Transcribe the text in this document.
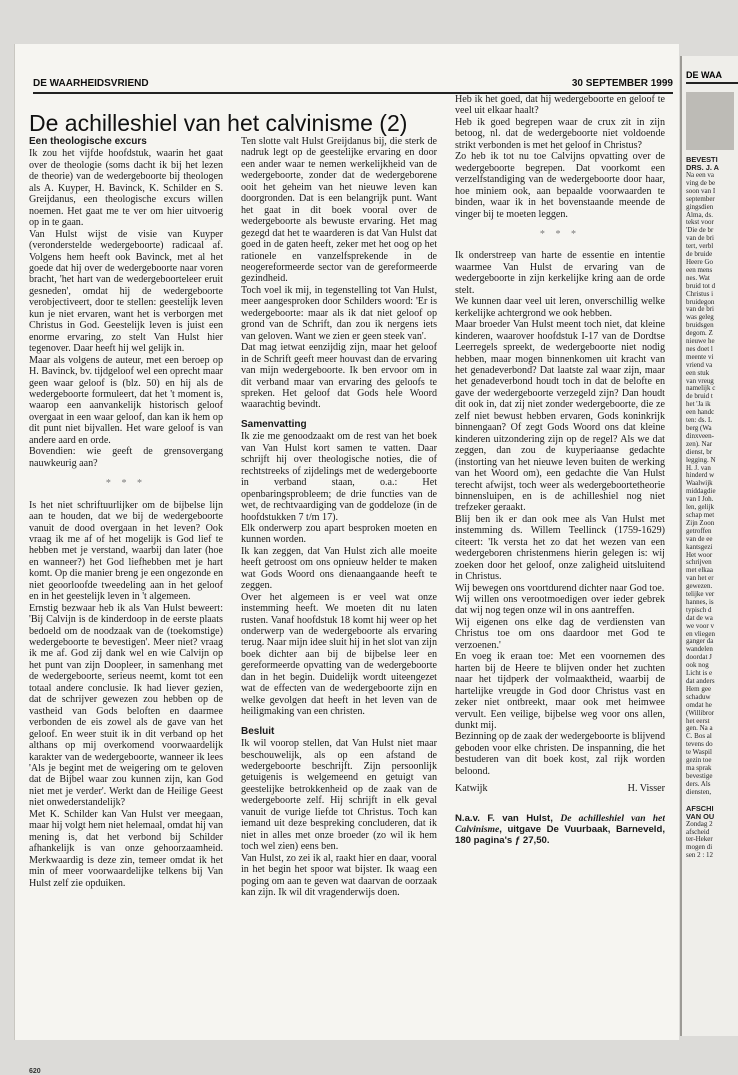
DE WAARHEIDSVRIEND	30 SEPTEMBER 1999
De achilleshiel van het calvinisme (2)

Een theologische excurs

Ik zou het vijfde hoofdstuk, waarin het gaat over de theologie (soms dacht ik bij het lezen de theorie) van de wedergeboorte bij theologen als A. Kuyper, H. Bavinck, K. Schilder en S. Greijdanus, een theologische excurs willen noemen. Het gaat me te ver om hier uitvoerig op in te gaan.

Van Hulst wijst de visie van Kuyper (veronderstelde wedergeboorte) radicaal af. Volgens hem heeft ook Bavinck, met al het goede dat hij over de wedergeboorte naar voren bracht, 'het hart van de wedergeboorteleer eruit gesneden', omdat hij de wedergeboorte verobjectiveert, door te stellen: geestelijk leven kun je niet ervaren, want het is verborgen met Christus in God. Geestelijk leven is juist een enorme ervaring, zo stelt Van Hulst hier tegenover. Daar heeft hij wel gelijk in.

Maar als volgens de auteur, met een beroep op H. Bavinck, bv. tijdgeloof wel een oprecht maar geen waar geloof is (blz. 50) en hij als de wedergeboorte formuleert, dat het 't moment is, waarop een aanvankelijk historisch geloof overgaat in een waar geloof, dan kan ik hem op dit punt niet bijvallen. Het ware geloof is van andere aard en orde.

Bovendien: wie geeft de grensovergang nauwkeurig aan?

* * *

Is het niet schriftuurlijker om de bijbelse lijn aan te houden, dat we bij de wedergeboorte vanuit de dood overgaan in het leven? Ook vraag ik me af of het mogelijk is God lief te hebben met je verstand, waarbij dan later (hoe en wanneer?) het God liefhebben met je hart komt. Op die manier breng je een ongezonde en niet geoorloofde tweedeling aan in het geloof en in het geestelijk leven in 't algemeen.

Ernstig bezwaar heb ik als Van Hulst beweert: 'Bij Calvijn is de kinderdoop in de eerste plaats bedoeld om de noodzaak van de (toekomstige) wedergeboorte te bevestigen'. Meer niet? vraag ik me af. God zij dank wel en wie Calvijn op het punt van zijn Doopleer, in samenhang met de wedergeboorte, serieus neemt, komt tot een totaal andere conclusie. Ik had liever gezien, dat de schrijver gewezen zou hebben op de vastheid van Gods beloften en daarmee verbonden de eis zowel als de gave van het geloof. En weer stuit ik in dit verband op het althans op mij overkomend voorwaardelijk karakter van de wedergeboorte, wanneer ik lees 'Als je begint met de weigering om te geloven dat de Bijbel waar zou kunnen zijn, kan God niet met je verder'. Werkt dan de Heilige Geest niet onwederstandelijk?

Met K. Schilder kan Van Hulst ver meegaan, maar hij volgt hem niet helemaal, omdat hij van mening is, dat het verbond bij Schilder afhankelijk is van onze gehoorzaamheid. Merkwaardig is deze zin, temeer omdat ik het min of meer voorwaardelijke telkens bij Van Hulst zelf zie opduiken.

Ten slotte valt Hulst Greijdanus bij, die sterk de nadruk legt op de geestelijke ervaring en door een ander waar te nemen werkelijkheid van de wedergeboorte, zonder dat de wedergeborene ooit het geheim van het nieuwe leven kan doorgronden. Dat is een belangrijk punt. Want het gaat in dit boek vooral over de wedergeboorte als bewuste ervaring. Het mag gezegd dat het te waarderen is dat Van Hulst dat goed in de gaten heeft, zeker met het oog op het rationele en vanzelfsprekende in de neogereformeerde sector van de gereformeerde gezindheid.

Toch voel ik mij, in tegenstelling tot Van Hulst, meer aangesproken door Schilders woord: 'Er is wedergeboorte: maar als ik dat niet geloof op grond van de Schrift, dan zou ik nergens iets van geloven. Want we zien er geen steek van'.

Dat mag ietwat eenzijdig zijn, maar het geloof in de Schrift geeft meer houvast dan de ervaring van mijn wedergeboorte. Ik ben ervoor om in dit verband maar van ervaring des geloofs te spreken. Het geloof dat Gods hele Woord waarachtig bevindt.

Samenvatting

Ik zie me genoodzaakt om de rest van het boek van Van Hulst kort samen te vatten. Daar schrijft hij over theologische noties, die of rechtstreeks of zijdelings met de wedergeboorte in verband staan, o.a.: Het openbaringsprobleem; de drie functies van de wet, de rechtvaardiging van de goddeloze (in de hoofdstukken 7 t/m 17).

Elk onderwerp zou apart besproken moeten en kunnen worden.

Ik kan zeggen, dat Van Hulst zich alle moeite heeft getroost om ons opnieuw helder te maken wat Gods Woord ons dienaangaande heeft te zeggen.

Over het algemeen is er veel wat onze instemming heeft. We moeten dit nu laten rusten. Vanaf hoofdstuk 18 komt hij weer op het onderwerp van de wedergeboorte als ervaring terug. Naar mijn idee sluit hij in het slot van zijn boek dichter aan bij de bijbelse leer en gereformeerde opvatting van de wedergeboorte dan in het begin. Duidelijk wordt uiteengezet wat de effecten van de wedergeboorte zijn en welke gevolgen dat heeft in het leven van de heiligmaking van een christen.

Besluit

Ik wil voorop stellen, dat Van Hulst niet maar beschouwelijk, als op een afstand de wedergeboorte beschrijft. Zijn persoonlijk getuigenis is welgemeend en getuigt van geestelijke betrokkenheid op de zaak van de wedergeboorte zelf. Hij schrijft in elk geval vanuit de vurige liefde tot Christus. Toch kan iemand uit deze bespreking concluderen, dat ik niet in alles met onze broeder (zo wil ik hem toch wel zien) eens ben.

Van Hulst, zo zei ik al, raakt hier en daar, vooral in het begin het spoor wat bijster. Ik waag een poging om aan te geven wat daarvan de oorzaak kan zijn. Ik wil dit vragenderwijs doen.

Heb ik het goed, dat hij wedergeboorte en geloof te veel uit elkaar haalt?

Heb ik goed begrepen waar de crux zit in zijn betoog, nl. dat de wedergeboorte niet voldoende strikt verbonden is met het geloof in Christus?

Zo heb ik tot nu toe Calvijns opvatting over de wedergeboorte begrepen. Dat voorkomt een verzelfstandiging van de wedergeboorte door haar, hoe miniem ook, aan bepaalde voorwaarden te binden, waar ik in het bovenstaande meende de vinger bij te moeten leggen.

* * *

Ik onderstreep van harte de essentie en intentie waarmee Van Hulst de ervaring van de wedergeboorte in zijn kerkelijke kring aan de orde stelt.

We kunnen daar veel uit leren, onverschillig welke kerkelijke achtergrond we ook hebben.

Maar broeder Van Hulst meent toch niet, dat kleine kinderen, waarover hoofdstuk I-17 van de Dordtse Leerregels spreekt, de wedergeboorte niet nodig hebben, maar mogen binnenkomen uit kracht van het genadeverbond? Dat laatste zal waar zijn, maar het genadeverbond houdt toch in dat de belofte en gave der wedergeboorte verzegeld zijn? Dan houdt dit ook in, dat zij niet zonder wedergeboorte, die ze zelf niet bewust hebben ervaren, Gods koninkrijk binnengaan? Of zegt Gods Woord ons dat kleine kinderen uitzondering zijn op de regel? Als we dat zeggen, dan zou de kuyperiaanse gedachte (instorting van het nieuwe leven buiten de werking van het Woord om), een gedachte die Van Hulst terecht afwijst, toch weer als wedergeboortetheorie binnensluipen, en is de achilleshiel nog niet trefzeker geraakt.

Blij ben ik er dan ook mee als Van Hulst met instemming ds. Willem Teellinck (1759-1629) citeert: 'Ik versta het zo dat het wezen van een wedergeboren christenmens hierin gelegen is: wij zoeken door het geloof, onze zaligheid uitsluitend in Christus.

Wij bewegen ons voortdurend dichter naar God toe.

Wij willen ons verootmoedigen over ieder gebrek dat wij nog tegen onze wil in ons aantreffen.

Wij eigenen ons elke dag de verdiensten van Christus toe om ons daardoor met God te verzoenen.'

En voeg ik eraan toe: Met een voornemen des harten bij de Heere te blijven onder het zuchten naar het tijdperk der volmaaktheid, waarbij de hartelijke vreugde in God door Christus vast en zeker niet ontbreekt, maar ook met heimwee vervult. Een veilige, bijbelse weg voor ons allen, dunkt mij.

Bezinning op de zaak der wedergeboorte is blijvend geboden voor elke christen. De inspanning, die het bestuderen van dit boek kost, zal rijk worden beloond.

Katwijk	H. Visser

N.a.v. F. van Hulst, De achilleshiel van het Calvinisme, uitgave De Vuurbaak, Barneveld, 180 pagina's ƒ 27,50.

620
DE WAA
BEVESTI
DRS. J. A
Na een va
ving de be
soon van I
september
gingsdien
Alma, ds.
tekst voor
'Die de br
van de bri
tert, verbl
de bruide
Heere Go
een mens
nes. Wat
bruid tot d
Christus i
bruidegon
van de bri
was geleg
bruidsgen
degom. Z
nieuwe he
nes doet l
meente vi
vriend va
een stuk
van vreug
namelijk c
de bruid t
het 'Ja ik
een handc
ten: ds. L
berg (Wa
dinxveen-
zen). Nar
dienst, br
legging. N
H. J. van
hinderd w
Waalwijk
middagdie
van I Joh.
len, gelijk
schap met
Zijn Zoon
getroffen
van de ee
kantsgezi
Het woor
schrijven
met elkaa
van het er
gewezen.
telijke ver
hannes, is
typisch d
dat de wa
we voor v
en vliegen
ganger da
wandelen
doordat J
ook nog
Licht is e
dat anders
Hem gee
schaduw
omdat he
(Willibror
het eerst
gen. Na a
C. Bos al
tevens do
te Waspil
gezin toe
ma sprak
bevestige
ders. Als
diensten,
AFSCHI
VAN OU
Zondag 2
afscheid
ter-Heker
mogen di
sen 2 : 12
